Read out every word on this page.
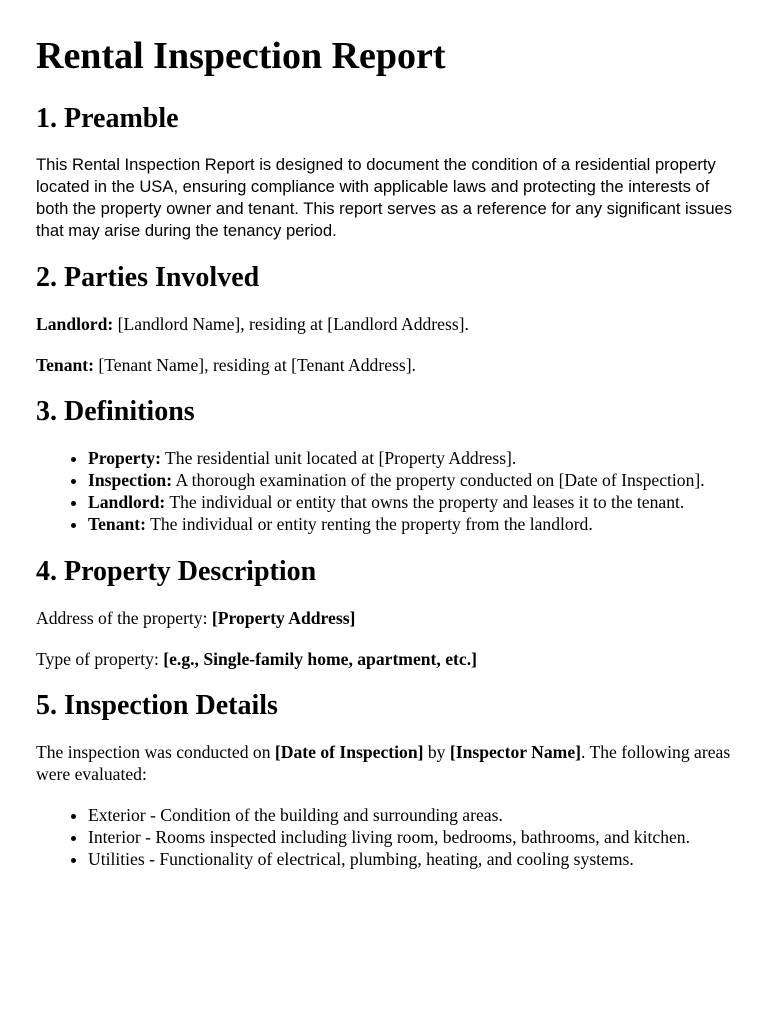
Rental Inspection Report
1. Preamble

This Rental Inspection Report is designed to document the condition of a residential property located in the USA, ensuring compliance with applicable laws and protecting the interests of both the property owner and tenant. This report serves as a reference for any significant issues that may arise during the tenancy period.

2. Parties Involved

Landlord: [Landlord Name], residing at [Landlord Address].

Tenant: [Tenant Name], residing at [Tenant Address].

3. Definitions
• Property: The residential unit located at [Property Address].
• Inspection: A thorough examination of the property conducted on [Date of Inspection].
• Landlord: The individual or entity that owns the property and leases it to the tenant.
• Tenant: The individual or entity renting the property from the landlord.
4. Property Description

Address of the property: [Property Address]

Type of property: [e.g., Single-family home, apartment, etc.]

5. Inspection Details

The inspection was conducted on [Date of Inspection] by [Inspector Name]. The following areas were evaluated:

• Exterior - Condition of the building and surrounding areas.
• Interior - Rooms inspected including living room, bedrooms, bathrooms, and kitchen.
• Utilities - Functionality of electrical, plumbing, heating, and cooling systems.
